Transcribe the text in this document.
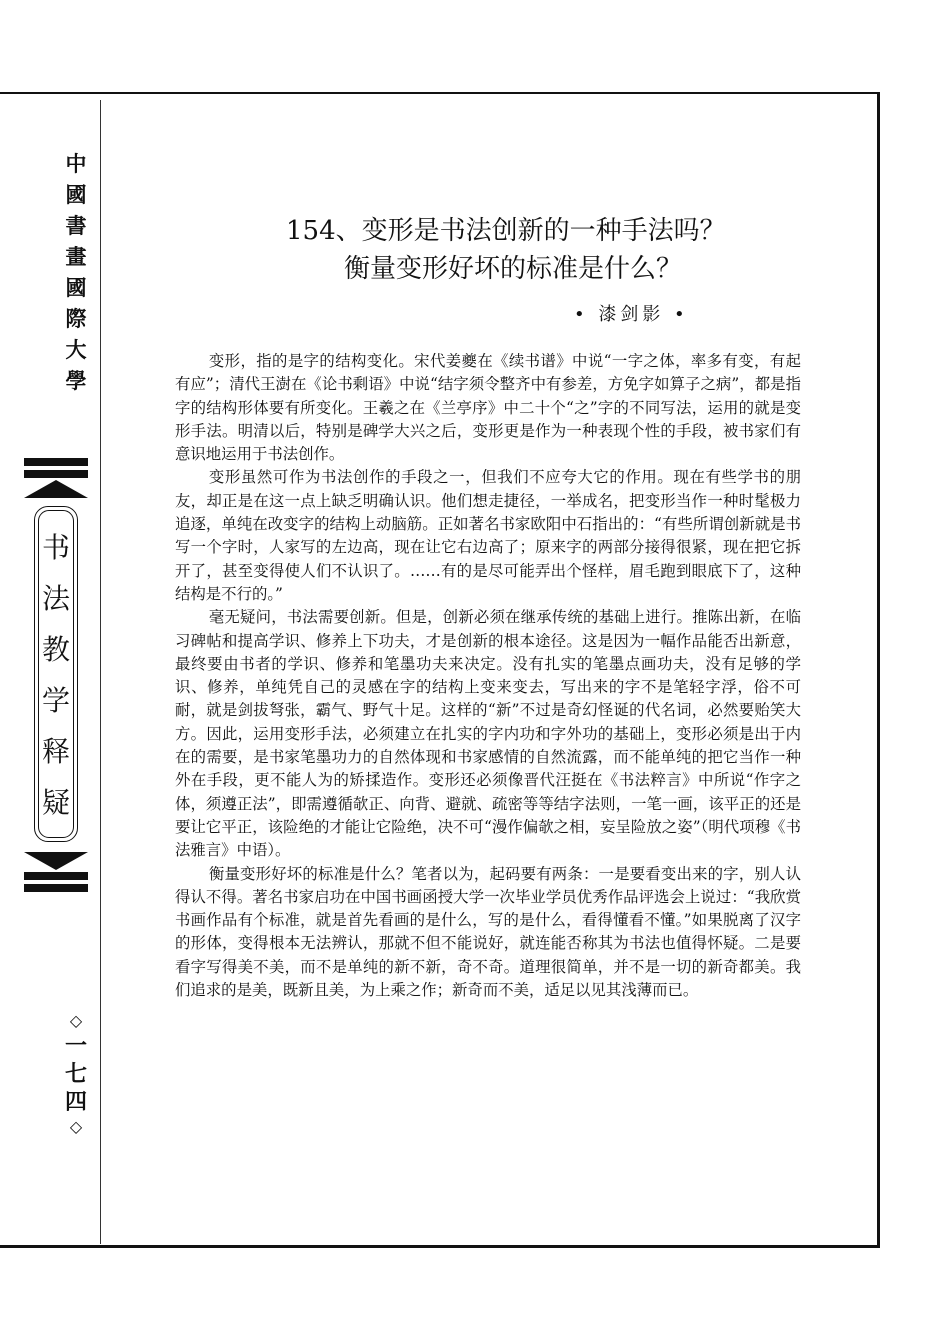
中
國
書
畫
國
際
大
學
书
法
教
学
释
疑
◇
一
七
四
◇
154、变形是书法创新的一种手法吗？
衡量变形好坏的标准是什么？
• 漆剑影 •

变形，指的是字的结构变化。宋代姜夔在《续书谱》中说“一字之体，率多有变，有起有应”；清代王澍在《论书剩语》中说“结字须令整齐中有参差，方免字如算子之病”，都是指字的结构形体要有所变化。王羲之在《兰亭序》中二十个“之”字的不同写法，运用的就是变形手法。明清以后，特别是碑学大兴之后，变形更是作为一种表现个性的手段，被书家们有意识地运用于书法创作。

变形虽然可作为书法创作的手段之一，但我们不应夸大它的作用。现在有些学书的朋友，却正是在这一点上缺乏明确认识。他们想走捷径，一举成名，把变形当作一种时髦极力追逐，单纯在改变字的结构上动脑筋。正如著名书家欧阳中石指出的：“有些所谓创新就是书写一个字时，人家写的左边高，现在让它右边高了；原来字的两部分接得很紧，现在把它拆开了，甚至变得使人们不认识了。……有的是尽可能弄出个怪样，眉毛跑到眼底下了，这种结构是不行的。”

毫无疑问，书法需要创新。但是，创新必须在继承传统的基础上进行。推陈出新，在临习碑帖和提高学识、修养上下功夫，才是创新的根本途径。这是因为一幅作品能否出新意，最终要由书者的学识、修养和笔墨功夫来决定。没有扎实的笔墨点画功夫，没有足够的学识、修养，单纯凭自己的灵感在字的结构上变来变去，写出来的字不是笔轻字浮，俗不可耐，就是剑拔弩张，霸气、野气十足。这样的“新”不过是奇幻怪诞的代名词，必然要贻笑大方。因此，运用变形手法，必须建立在扎实的字内功和字外功的基础上，变形必须是出于内在的需要，是书家笔墨功力的自然体现和书家感情的自然流露，而不能单纯的把它当作一种外在手段，更不能人为的矫揉造作。变形还必须像晋代汪挺在《书法粹言》中所说“作字之体，须遵正法”，即需遵循欹正、向背、避就、疏密等等结字法则，一笔一画，该平正的还是要让它平正，该险绝的才能让它险绝，决不可“漫作偏欹之相，妄呈险放之姿”（明代项穆《书法雅言》中语）。

衡量变形好坏的标准是什么？笔者以为，起码要有两条：一是要看变出来的字，别人认得认不得。著名书家启功在中国书画函授大学一次毕业学员优秀作品评选会上说过：“我欣赏书画作品有个标准，就是首先看画的是什么，写的是什么，看得懂看不懂。”如果脱离了汉字的形体，变得根本无法辨认，那就不但不能说好，就连能否称其为书法也值得怀疑。二是要看字写得美不美，而不是单纯的新不新，奇不奇。道理很简单，并不是一切的新奇都美。我们追求的是美，既新且美，为上乘之作；新奇而不美，适足以见其浅薄而已。
